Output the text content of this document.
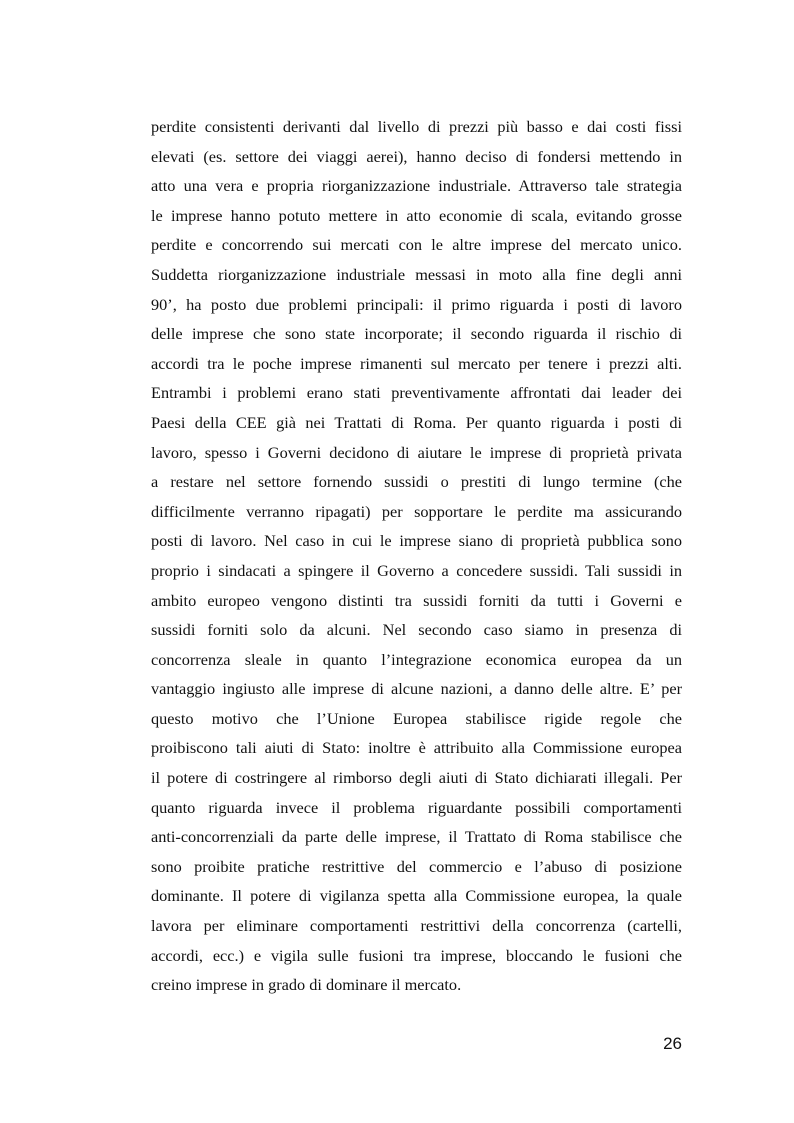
perdite consistenti derivanti dal livello di prezzi più basso e dai costi fissi
elevati (es. settore dei viaggi aerei), hanno deciso di fondersi mettendo in
atto una vera e propria riorganizzazione industriale. Attraverso tale strategia
le imprese hanno potuto mettere in atto economie di scala, evitando grosse
perdite e concorrendo sui mercati con le altre imprese del mercato unico.
Suddetta riorganizzazione industriale messasi in moto alla fine degli anni
90’, ha posto due problemi principali: il primo riguarda i posti di lavoro
delle imprese che sono state incorporate; il secondo riguarda il rischio di
accordi tra le poche imprese rimanenti sul mercato per tenere i prezzi alti.
Entrambi i problemi erano stati preventivamente affrontati dai leader dei
Paesi della CEE già nei Trattati di Roma. Per quanto riguarda i posti di
lavoro, spesso i Governi decidono di aiutare le imprese di proprietà privata
a restare nel settore fornendo sussidi o prestiti di lungo termine (che
difficilmente verranno ripagati) per sopportare le perdite ma assicurando
posti di lavoro. Nel caso in cui le imprese siano di proprietà pubblica sono
proprio i sindacati a spingere il Governo a concedere sussidi. Tali sussidi in
ambito europeo vengono distinti tra sussidi forniti da tutti i Governi e
sussidi forniti solo da alcuni. Nel secondo caso siamo in presenza di
concorrenza sleale in quanto l’integrazione economica europea da un
vantaggio ingiusto alle imprese di alcune nazioni, a danno delle altre. E’ per
questo motivo che l’Unione Europea stabilisce rigide regole che
proibiscono tali aiuti di Stato: inoltre è attribuito alla Commissione europea
il potere di costringere al rimborso degli aiuti di Stato dichiarati illegali. Per
quanto riguarda invece il problema riguardante possibili comportamenti
anti-concorrenziali da parte delle imprese, il Trattato di Roma stabilisce che
sono proibite pratiche restrittive del commercio e l’abuso di posizione
dominante. Il potere di vigilanza spetta alla Commissione europea, la quale
lavora per eliminare comportamenti restrittivi della concorrenza (cartelli,
accordi, ecc.) e vigila sulle fusioni tra imprese, bloccando le fusioni che
creino imprese in grado di dominare il mercato.
26
